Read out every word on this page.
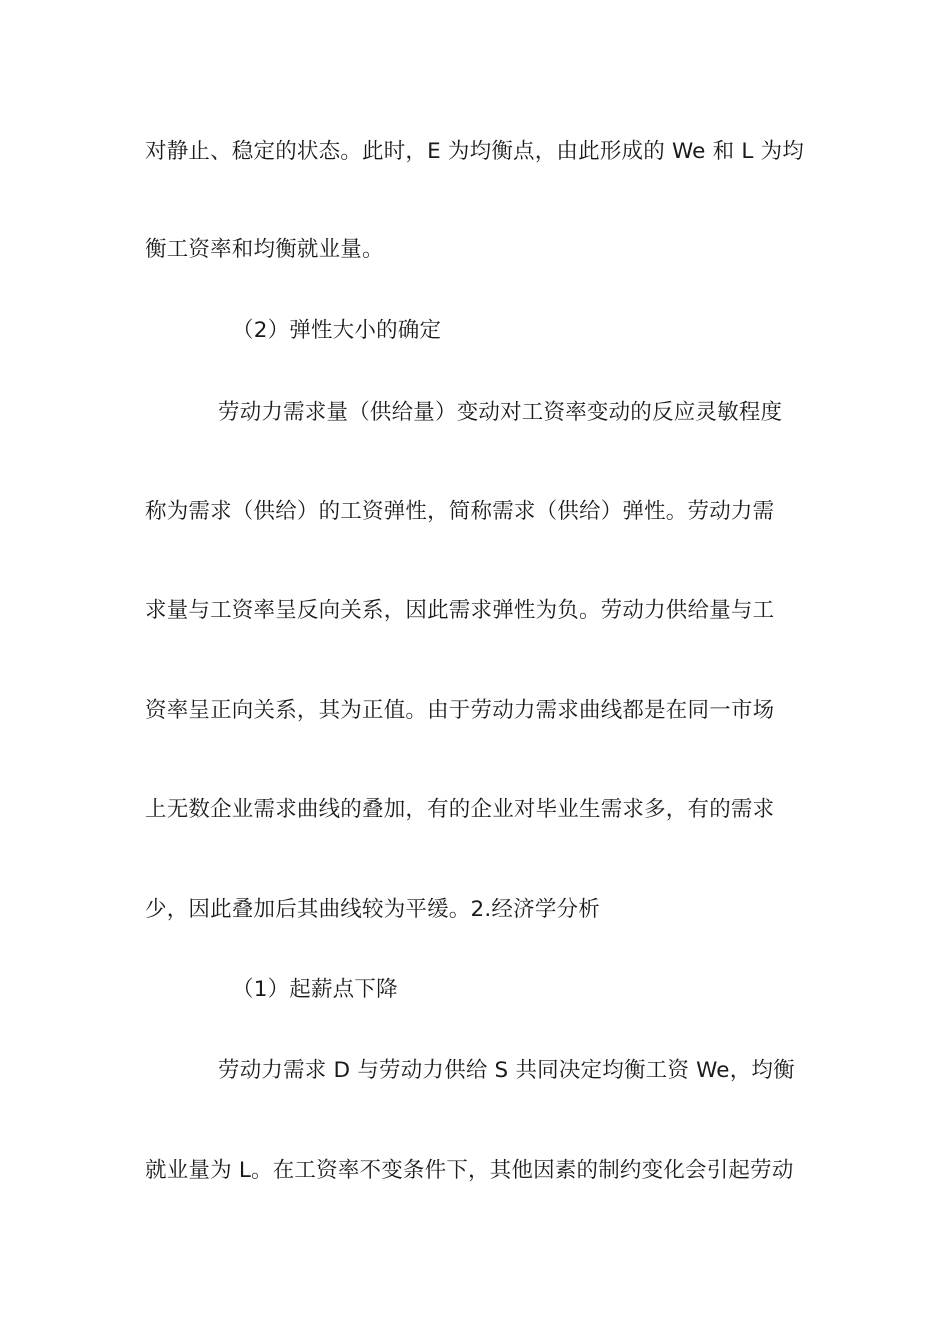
对静止、稳定的状态。此时，E 为均衡点，由此形成的 We 和 L 为均
衡工资率和均衡就业量。
（2）弹性大小的确定
劳动力需求量（供给量）变动对工资率变动的反应灵敏程度
称为需求（供给）的工资弹性，简称需求（供给）弹性。劳动力需
求量与工资率呈反向关系，因此需求弹性为负。劳动力供给量与工
资率呈正向关系，其为正值。由于劳动力需求曲线都是在同一市场
上无数企业需求曲线的叠加，有的企业对毕业生需求多，有的需求
少，因此叠加后其曲线较为平缓。2.经济学分析
（1）起薪点下降
劳动力需求 D 与劳动力供给 S 共同决定均衡工资 We，均衡
就业量为 L。在工资率不变条件下，其他因素的制约变化会引起劳动
